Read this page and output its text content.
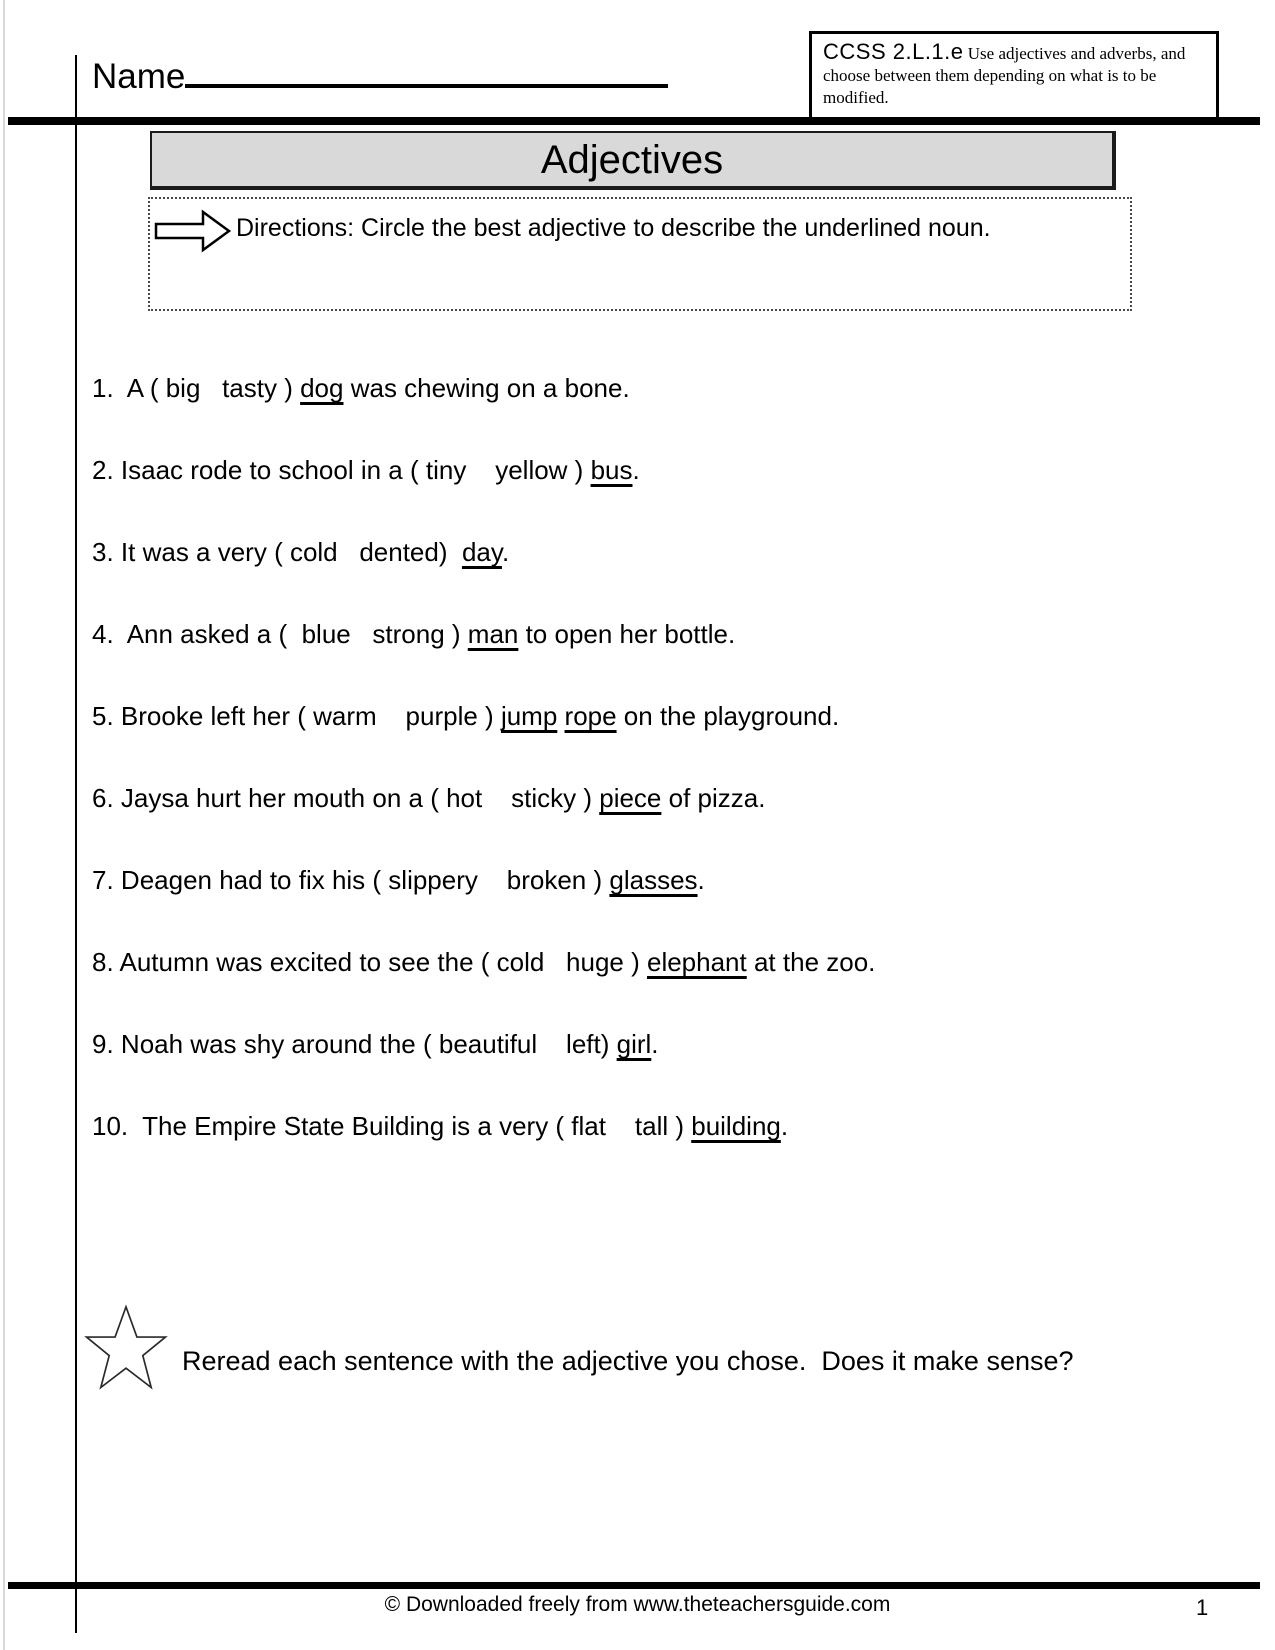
Name
CCSS 2.L.1.e Use adjectives and adverbs, and choose between them depending on what is to be modified.
Adjectives
Directions: Circle the best adjective to describe the underlined noun.
1.  A ( big   tasty ) dog was chewing on a bone.
2. Isaac rode to school in a ( tiny    yellow ) bus.
3. It was a very ( cold   dented)  day.
4.  Ann asked a (  blue   strong ) man to open her bottle.
5. Brooke left her ( warm    purple ) jump rope on the playground.
6. Jaysa hurt her mouth on a ( hot    sticky ) piece of pizza.
7. Deagen had to fix his ( slippery    broken ) glasses.
8. Autumn was excited to see the ( cold   huge ) elephant at the zoo.
9. Noah was shy around the ( beautiful    left) girl.
10.  The Empire State Building is a very ( flat    tall ) building.
Reread each sentence with the adjective you chose.  Does it make sense?
© Downloaded freely from www.theteachersguide.com	1
